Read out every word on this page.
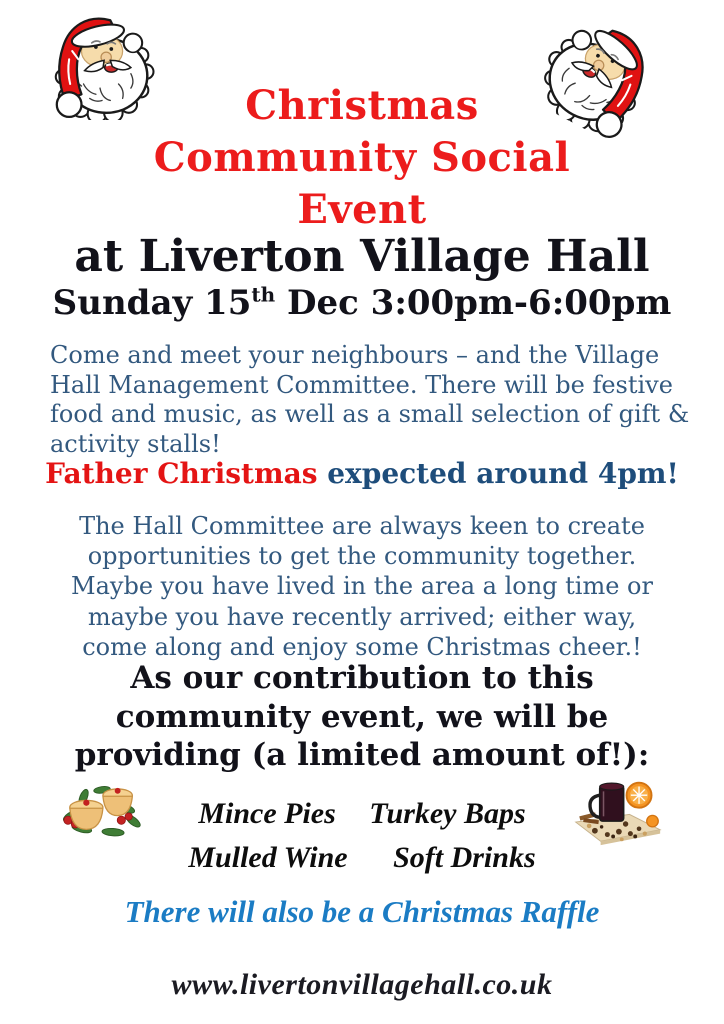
Christmas
Community Social
Event
at Liverton Village Hall
Sunday 15th Dec 3:00pm-6:00pm
Come and meet your neighbours – and the Village
Hall Management Committee. There will be festive
food and music, as well as a small selection of gift &
activity stalls!
Father Christmas expected around 4pm!
The Hall Committee are always keen to create
opportunities to get the community together.
Maybe you have lived in the area a long time or
maybe you have recently arrived; either way,
come along and enjoy some Christmas cheer.!
As our contribution to this
community event, we will be
providing (a limited amount of!):
Mince Pies Turkey Baps
Mulled Wine Soft Drinks
There will also be a Christmas Raffle
www.livertonvillagehall.co.uk
